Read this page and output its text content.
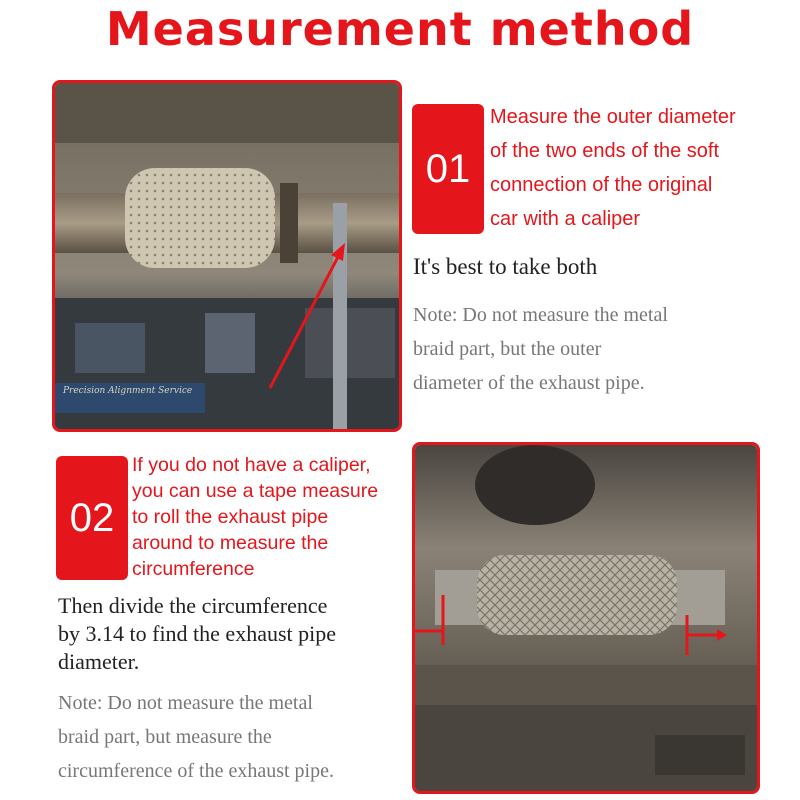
Measurement method
Precision Alignment Service
01
Measure the outer diameter
of the two ends of the soft
connection of the original
car with a caliper
It's best to take both
Note: Do not measure the metal
braid part, but the outer
diameter of the exhaust pipe.
02
If you do not have a caliper,
you can use a tape measure
to roll the exhaust pipe
around to measure the
circumference
Then divide the circumference
by 3.14 to find the exhaust pipe
diameter.
Note: Do not measure the metal
braid part, but measure the
circumference of the exhaust pipe.
